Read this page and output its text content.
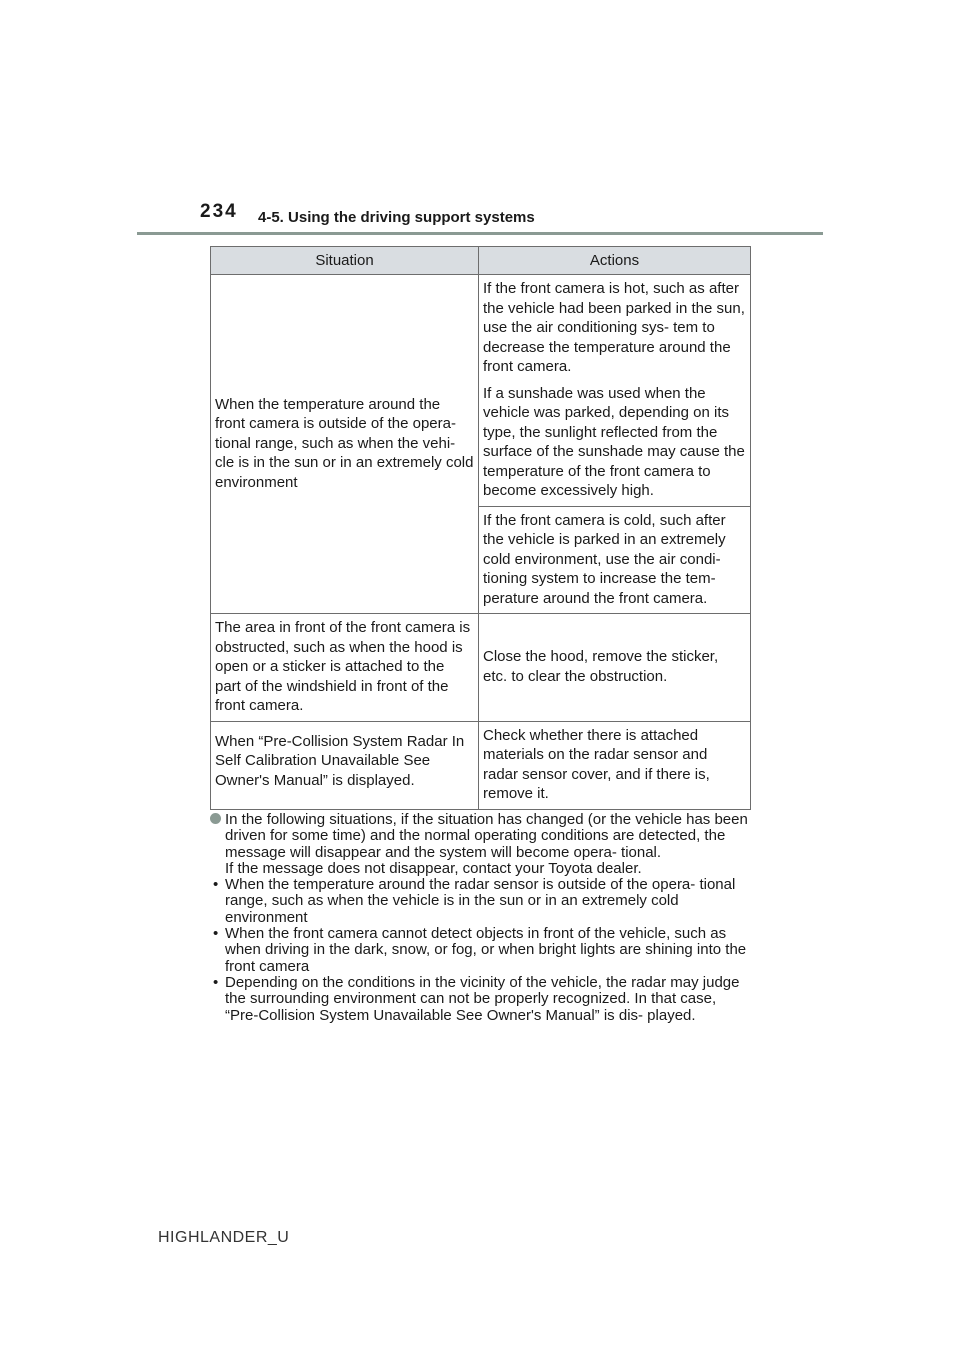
234 4-5. Using the driving support systems
Situation	Actions

When the temperature around the front camera is outside of the opera- tional range, such as when the vehi- cle is in the sun or in an extremely cold environment	If the front camera is hot, such as after the vehicle had been parked in the sun, use the air conditioning sys- tem to decrease the temperature around the front camera.

If a sunshade was used when the vehicle was parked, depending on its type, the sunlight reflected from the surface of the sunshade may cause the temperature of the front camera to become excessively high.

	If the front camera is cold, such after the vehicle is parked in an extremely cold environment, use the air condi- tioning system to increase the tem- perature around the front camera.

The area in front of the front camera is obstructed, such as when the hood is open or a sticker is attached to the part of the windshield in front of the front camera.	Close the hood, remove the sticker, etc. to clear the obstruction.

When “Pre-Collision System Radar In Self Calibration Unavailable See Owner's Manual” is displayed.	Check whether there is attached materials on the radar sensor and radar sensor cover, and if there is, remove it.

In the following situations, if the situation has changed (or the vehicle has been driven for some time) and the normal operating conditions are detected, the message will disappear and the system will become opera- tional.

If the message does not disappear, contact your Toyota dealer.

• When the temperature around the radar sensor is outside of the opera- tional range, such as when the vehicle is in the sun or in an extremely cold environment
• When the front camera cannot detect objects in front of the vehicle, such as when driving in the dark, snow, or fog, or when bright lights are shining into the front camera
• Depending on the conditions in the vicinity of the vehicle, the radar may judge the surrounding environment can not be properly recognized. In that case, “Pre-Collision System Unavailable See Owner's Manual” is dis- played.
HIGHLANDER_U
